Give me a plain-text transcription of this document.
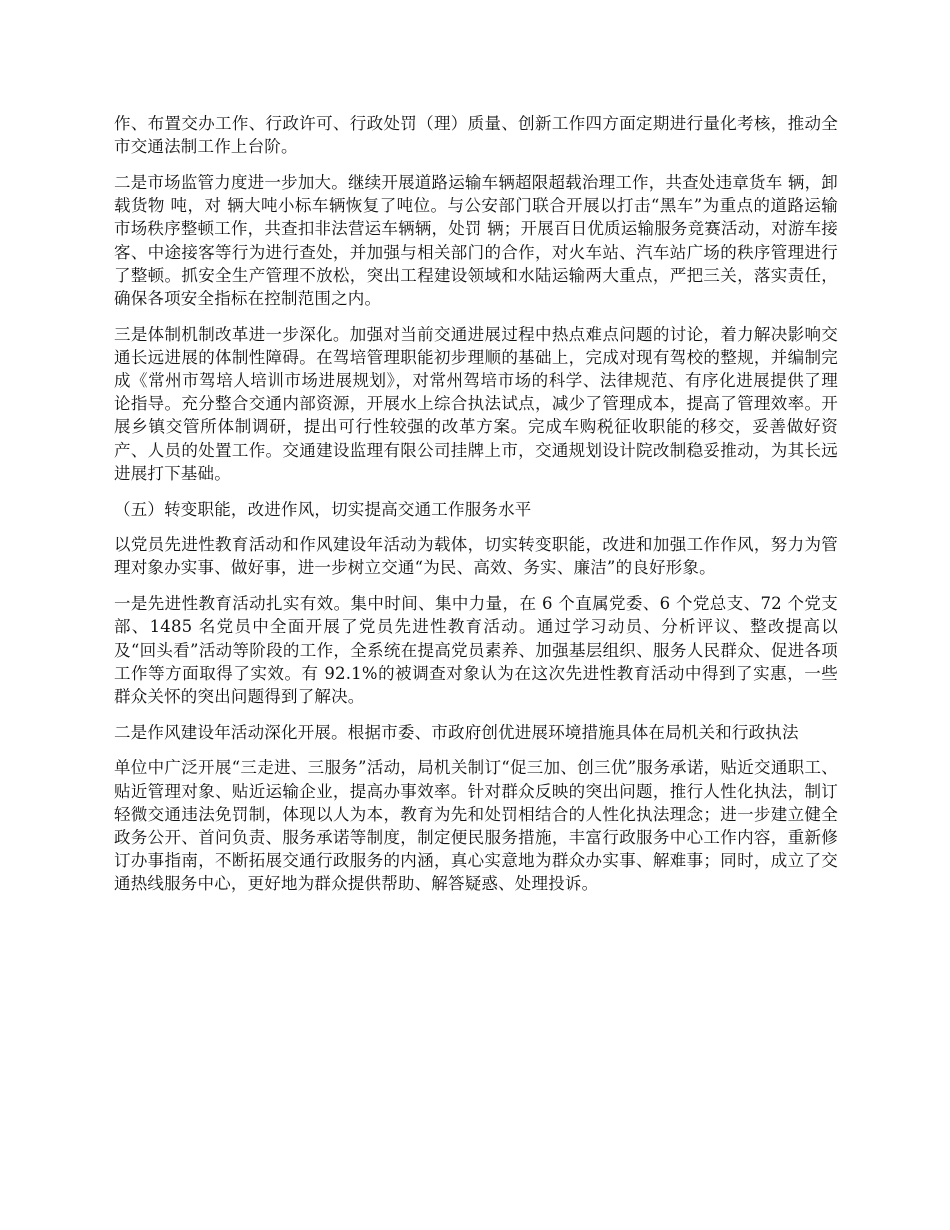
作、布置交办工作、行政许可、行政处罚（理）质量、创新工作四方面定期进行量化考核，推动全市交通法制工作上台阶。

二是市场监管力度进一步加大。继续开展道路运输车辆超限超载治理工作，共查处违章货车 辆，卸载货物 吨，对 辆大吨小标车辆恢复了吨位。与公安部门联合开展以打击“黑车”为重点的道路运输市场秩序整顿工作，共查扣非法营运车辆辆，处罚 辆；开展百日优质运输服务竞赛活动，对游车接客、中途接客等行为进行查处，并加强与相关部门的合作，对火车站、汽车站广场的秩序管理进行了整顿。抓安全生产管理不放松，突出工程建设领域和水陆运输两大重点，严把三关，落实责任，确保各项安全指标在控制范围之内。

三是体制机制改革进一步深化。加强对当前交通进展过程中热点难点问题的讨论，着力解决影响交通长远进展的体制性障碍。在驾培管理职能初步理顺的基础上，完成对现有驾校的整规，并编制完成《常州市驾培人培训市场进展规划》，对常州驾培市场的科学、法律规范、有序化进展提供了理论指导。充分整合交通内部资源，开展水上综合执法试点，减少了管理成本，提高了管理效率。开展乡镇交管所体制调研，提出可行性较强的改革方案。完成车购税征收职能的移交，妥善做好资产、人员的处置工作。交通建设监理有限公司挂牌上市，交通规划设计院改制稳妥推动，为其长远进展打下基础。

（五）转变职能，改进作风，切实提高交通工作服务水平

以党员先进性教育活动和作风建设年活动为载体，切实转变职能，改进和加强工作作风，努力为管理对象办实事、做好事，进一步树立交通“为民、高效、务实、廉洁”的良好形象。

一是先进性教育活动扎实有效。集中时间、集中力量，在 6 个直属党委、6 个党总支、72 个党支部、1485 名党员中全面开展了党员先进性教育活动。通过学习动员、分析评议、整改提高以及“回头看”活动等阶段的工作，全系统在提高党员素养、加强基层组织、服务人民群众、促进各项工作等方面取得了实效。有 92.1%的被调查对象认为在这次先进性教育活动中得到了实惠，一些群众关怀的突出问题得到了解决。

二是作风建设年活动深化开展。根据市委、市政府创优进展环境措施具体在局机关和行政执法

单位中广泛开展“三走进、三服务”活动，局机关制订“促三加、创三优”服务承诺，贴近交通职工、贴近管理对象、贴近运输企业，提高办事效率。针对群众反映的突出问题，推行人性化执法，制订轻微交通违法免罚制，体现以人为本，教育为先和处罚相结合的人性化执法理念；进一步建立健全政务公开、首问负责、服务承诺等制度，制定便民服务措施，丰富行政服务中心工作内容，重新修订办事指南，不断拓展交通行政服务的内涵，真心实意地为群众办实事、解难事；同时，成立了交通热线服务中心，更好地为群众提供帮助、解答疑惑、处理投诉。
